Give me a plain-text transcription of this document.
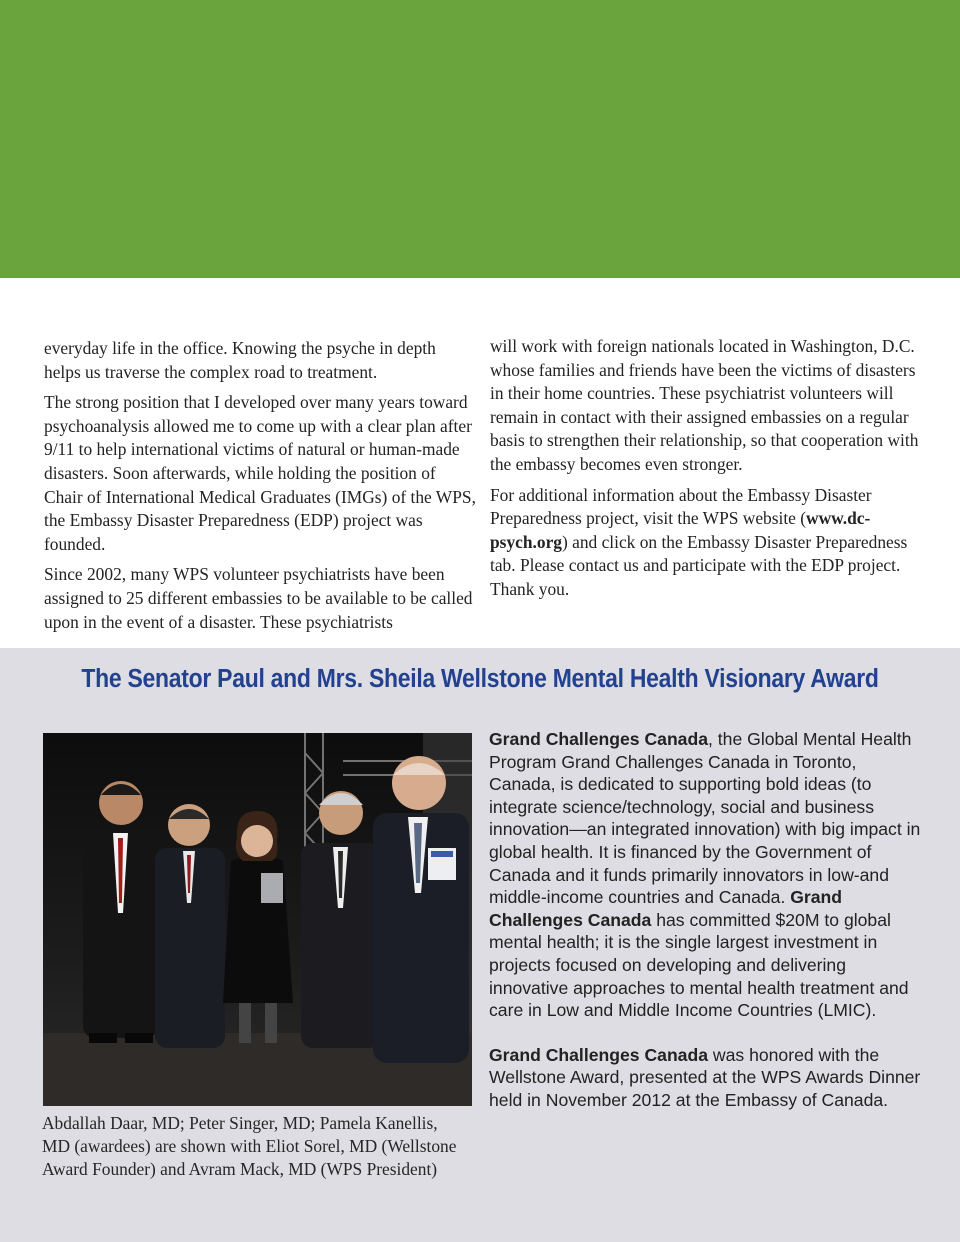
everyday life in the office. Knowing the psyche in depth helps us traverse the complex road to treatment.

The strong position that I developed over many years toward psychoanalysis allowed me to come up with a clear plan after 9/11 to help international victims of natural or human-made disasters. Soon afterwards, while holding the position of Chair of International Medical Graduates (IMGs) of the WPS, the Embassy Disaster Preparedness (EDP) project was founded.

Since 2002, many WPS volunteer psychiatrists have been assigned to 25 different embassies to be available to be called upon in the event of a disaster. These psychiatrists

will work with foreign nationals located in Washington, D.C. whose families and friends have been the victims of disasters in their home countries. These psychiatrist volunteers will remain in contact with their assigned embassies on a regular basis to strengthen their relationship, so that cooperation with the embassy becomes even stronger.

For additional information about the Embassy Disaster Preparedness project, visit the WPS website (www.dcpsych.org) and click on the Embassy Disaster Preparedness tab. Please contact us and participate with the EDP project. Thank you.

The Senator Paul and Mrs. Sheila Wellstone Mental Health Visionary Award
Abdallah Daar, MD; Peter Singer, MD; Pamela Kanellis, MD (awardees) are shown with Eliot Sorel, MD (Wellstone Award Founder) and Avram Mack, MD (WPS President)

Grand Challenges Canada, the Global Mental Health Program Grand Challenges Canada in Toronto, Canada, is dedicated to supporting bold ideas (to integrate science/technology, social and business innovation—an integrated innovation) with big impact in global health. It is financed by the Government of Canada and it funds primarily innovators in low-and middle-income countries and Canada. Grand Challenges Canada has committed $20M to global mental health; it is the single largest investment in projects focused on developing and delivering innovative approaches to mental health treatment and care in Low and Middle Income Countries (LMIC).

Grand Challenges Canada was honored with the Wellstone Award, presented at the WPS Awards Dinner held in November 2012 at the Embassy of Canada.
